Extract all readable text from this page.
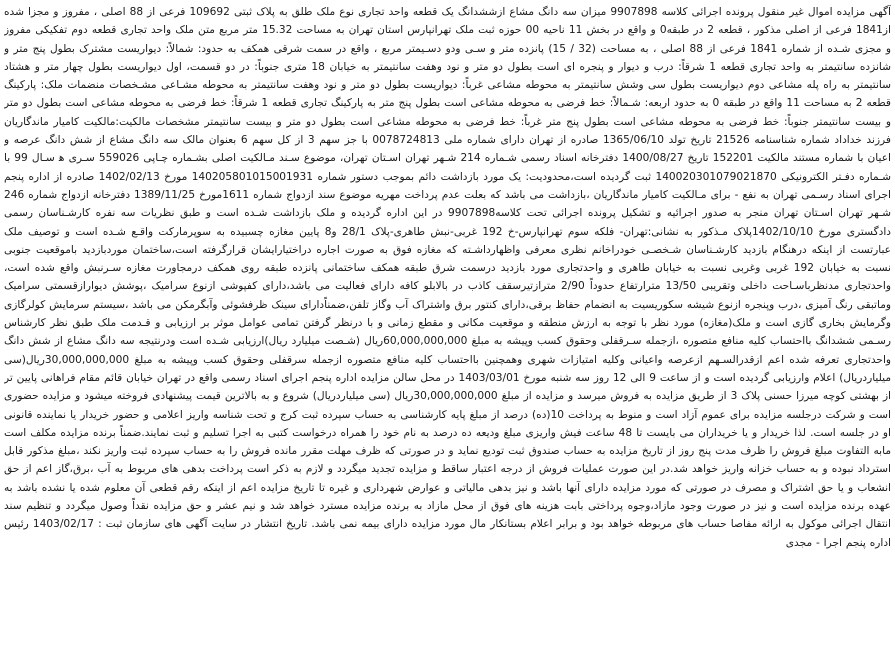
آگهی مزایده اموال غیر منقول پرونده اجرائی کلاسه 9907898 میزان سه دانگ مشاع ازششدانگ یک قطعه واحد تجاری نوع ملک طلق به پلاک ثبتی 109692 فرعی از 88 اصلی ، مفروز و مجزا شده از1841 فرعی از اصلی مذکور ، قطعه 2 در طبقه0 و واقع در بخش 11 ناحیه 00 حوزه ثبت ملک تهرانپارس استان تهران به مساحت 15.32 متر مربع متن ملک واحد تجاری قطعه دوم تفکیکی مفروز و مجزی شـده از شماره 1841 فرعی از 88 اصلی ، به مساحت (32 / 15) پانزده متر و سـی ودو دسـیمتر مربع ، واقع در سمت شرقی همکف به حدود: شمالاً: دیواریست مشترک بطول پنج متر و شانزده سانتیمتر به واحد تجاری قطعه 1 شرقاً: درب و دیوار و پنجره ای است بطول دو متر و نود وهفت سانتیمتر به خیابان 18 متری جنوباً: در دو قسمت، اول دیواریست بطول چهار متر و هشتاد سانتیمتر به راه پله مشاعی دوم دیواریست بطول سی وشش سانتیمتر به محوطه مشاعی غرباً: دیواریست بطول دو متر و نود وهفت سانتیمتر به محوطه مشـاعی مشـخصات منضمات ملک: پارکینگ قطعه 2 به مساحت 11 واقع در طبقه 0 به حدود اربعه: شـمالاً: خط فرضی به محوطه مشاعی است بطول پنج متر به پارکینگ تجاری قطعه 1 شرقاً: خط فرضی به محوطه مشاعی است بطول دو متر و بیست سانتیمتر جنوباً: خط فرضی به محوطه مشاعی است بطول پنج متر غرباً: خط فرضی به محوطه مشاعی است بطول دو متر و بیست سانتیمتر مشخصات مالکیت:مالکیت کامیار ماندگاریان فرزند خداداد شماره شناسنامه 21526 تاریخ تولد 1365/06/10 صادره از تهران دارای شماره ملی 0078724813 با جز سهم 3 از کل سهم 6 بعنوان مالک سه دانگ مشاع از شش دانگ عرصه و اعیان با شماره مستند مالکیت 152201 تاریخ 1400/08/27 دفترخانه اسناد رسمی شـماره 214 شـهر تهران اسـتان تهران، موضوع سـند مـالکیت اصلی بشـماره چـاپی 559026 سـری ﻫ سـال 99 با شـماره دفـتر الکترونیکی 140020301079021870 ثبت گردیده است،محدودیت: یک مورد بازداشت دائم بموجب دستور شماره 140205801015001931 مورخ 1402/02/13 صادره از اداره پنجم اجرای اسناد رسـمی تهران به نفع - برای مـالکیت کامیار ماندگاریان ،بازداشت می باشد که بعلت عدم پرداخت مهریه موضوع سند ازدواج شماره 1611مورخ 1389/11/25 دفترخانه ازدواج شماره 246 شـهر تهران اسـتان تهران منجر به صدور اجرائیه و تشکیل پرونده اجرائی تحت کلاسه9907898 در این اداره گردیده و ملک بازداشت شـده است و طبق نظریات سه نفره کارشـناسان رسمی دادگستری مورخ 1402/10/10پلاک مـذکور به نشانی:تهران- فلکه سوم تهرانپارس-خ 192 غربی-نبش طاهری-پلاک 28/1 و8 پایین مغازه چسبیده به سوپرمارکت واقـع شـده است و توصیف ملک عبارتست از اینکه درهنگام بازدید کارشـناسان شـخصـی خودراخانم نظری معرفی واظهارداشـته که مغازه فوق به صورت اجاره دراختیارایشان قرارگرفته است،ساختمان موردبازدید باموقعیت جنوبی نسبت به خیابان 192 غربی وغربی نسبت به خیابان طاهری و واحدتجاری مورد بازدید درسمت شرق طبقه همکف ساختمانی پانزده طبقه روی همکف درمجاورت مغازه سـرنبش واقع شده است، واحدتجاری مدنظرباسـاحت داخلی وتقریبی 13/50 مترارتفاع حدوداً 2/90 مترازتیرسقف کاذب در بالابلو کافه دارای فعالیت می باشد،دارای کفپوشی ازنوع سرامیک ،پوشش دیوارازقسمتی سرامیک وماتبقی رنگ آمیزی ،درب وپنجره ازنوع شیشه سکوریسیت به انضمام حفاظ برقی،دارای کنتور برق واشتراک آب وگاز تلفن،ضمناًدارای سینک ظرفشوئی وآبگرمکن می باشد ،سیستم سرمایش کولرگازی وگرمایش بخاری گازی است و ملک(مغازه) مورد نظر با توجه به ارزش منطقه و موقعیت مکانی و مقطع زمانی و با درنظر گرفتن تمامی عوامل موثر بر ارزیابی و قـدمت ملک طبق نظر کارشناس رسـمی ششدانگ بااحتساب کلیه منافع متصوره ،ازجمله سـرقفلی وحقوق کسب وپیشه به مبلغ 60,000,000,000ریال (شـصت میلیارد ریال)ارزیابی شـده است ودرنتیجه سه دانگ مشاع از شش دانگ واحدتجاری تعرفه شده اعم ازقدرالسـهم ازعرصه واعیانی وکلیه امتیازات شهری وهمچنین بااحتساب کلیه منافع متصوره ازجمله سرقفلی وحقوق کسب وپیشه به مبلغ 30,000,000,000ریال(سی میلیاردریال) اعلام وارزیابی گردیده است و از ساعت 9 الی 12 روز سه شنبه مورخ 1403/03/01 در محل سالن مزایده اداره پنجم اجرای اسناد رسمی واقع در تهران خیابان قائم مقام فراهانی پایین تر از بهشتی کوچه میرزا حسنی پلاک 3 از طریق مزایده به فروش میرسد و مزایده از مبلغ 30,000,000,000ریال (سی میلیاردریال) شروع و به بالاترین قیمت پیشنهادی فروخته میشود و مزایده حضوری است و شرکت درجلسه مزایده برای عموم آزاد است و منوط به پرداخت 10(ده) درصد از مبلغ پایه کارشناسی به حساب سپرده ثبت کرج و تحت شناسه واریز اعلامی و حضور خریدار یا نماینده قانونی او در جلسه است. لذا خریدار و یا خریداران می بایست تا 48 ساعت فیش واریزی مبلغ ودیعه ده درصد به نام خود را همراه درخواست کتبی به اجرا تسلیم و ثبت نمایند.ضمناً برنده مزایده مکلف است مابه التفاوت مبلغ فروش را ظرف مدت پنج روز از تاریخ مزایده به حساب صندوق ثبت تودیع نماید و در صورتی که ظرف مهلت مقرر مانده فروش را به حساب سپرده ثبت واریز نکند ،مبلغ مذکور قابل استرداد نبوده و به حساب خزانه واریز خواهد شد.در این صورت عملیات فروش از درجه اعتبار ساقط و مزایده تجدید میگردد و لازم به ذکر است پرداخت بدهی های مربوط به آب ،برق،گاز اعم از حق انشعاب و یا حق اشتراک و مصرف در صورتی که مورد مزایده دارای آنها باشد و نیز بدهی مالیاتی و عوارض شهرداری و غیره تا تاریخ مزایده اعم از اینکه رقم قطعی آن معلوم شده یا نشده باشد به عهده برنده مزایده است و نیز در صورت وجود مازاد،وجوه پرداختی بابت هزینه های فوق از محل مازاد به برنده مزایده مسترد خواهد شد و نیم عشر و حق مزایده نقداً وصول میگردد و تنظیم سند انتقال اجرائی موکول به ارائه مفاصا حساب های مربوطه خواهد بود و برابر اعلام بستانکار مال مورد مزایده دارای بیمه نمی باشد. تاریخ انتشار در سایت آگهی های سازمان ثبت : 1403/02/17 رئیس اداره پنجم اجرا - مجدی
